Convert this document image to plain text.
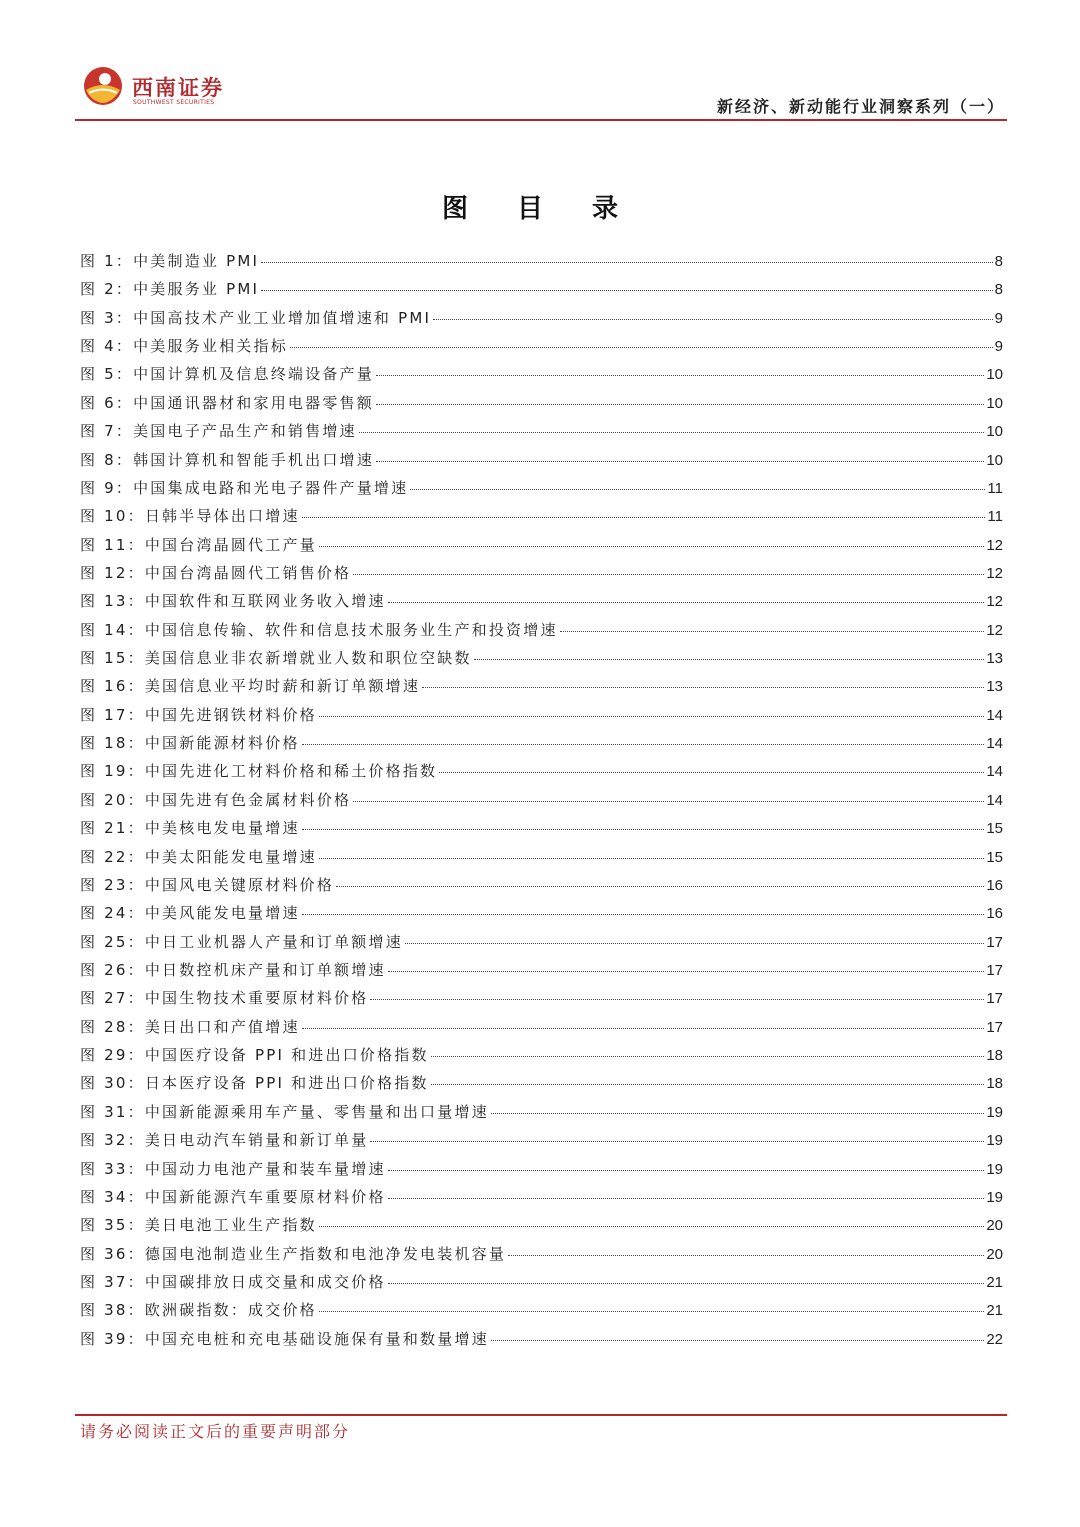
西南证券
SOUTHWEST SECURITIES	新经济、新动能行业洞察系列（一）
图 目 录
图 1：中美制造业 PMI	8
图 2：中美服务业 PMI	8
图 3：中国高技术产业工业增加值增速和 PMI	9
图 4：中美服务业相关指标	9
图 5：中国计算机及信息终端设备产量	10
图 6：中国通讯器材和家用电器零售额	10
图 7：美国电子产品生产和销售增速	10
图 8：韩国计算机和智能手机出口增速	10
图 9：中国集成电路和光电子器件产量增速	11
图 10：日韩半导体出口增速	11
图 11：中国台湾晶圆代工产量	12
图 12：中国台湾晶圆代工销售价格	12
图 13：中国软件和互联网业务收入增速	12
图 14：中国信息传输、软件和信息技术服务业生产和投资增速	12
图 15：美国信息业非农新增就业人数和职位空缺数	13
图 16：美国信息业平均时薪和新订单额增速	13
图 17：中国先进钢铁材料价格	14
图 18：中国新能源材料价格	14
图 19：中国先进化工材料价格和稀土价格指数	14
图 20：中国先进有色金属材料价格	14
图 21：中美核电发电量增速	15
图 22：中美太阳能发电量增速	15
图 23：中国风电关键原材料价格	16
图 24：中美风能发电量增速	16
图 25：中日工业机器人产量和订单额增速	17
图 26：中日数控机床产量和订单额增速	17
图 27：中国生物技术重要原材料价格	17
图 28：美日出口和产值增速	17
图 29：中国医疗设备 PPI 和进出口价格指数	18
图 30：日本医疗设备 PPI 和进出口价格指数	18
图 31：中国新能源乘用车产量、零售量和出口量增速	19
图 32：美日电动汽车销量和新订单量	19
图 33：中国动力电池产量和装车量增速	19
图 34：中国新能源汽车重要原材料价格	19
图 35：美日电池工业生产指数	20
图 36：德国电池制造业生产指数和电池净发电装机容量	20
图 37：中国碳排放日成交量和成交价格	21
图 38：欧洲碳指数：成交价格	21
图 39：中国充电桩和充电基础设施保有量和数量增速	22
请务必阅读正文后的重要声明部分
